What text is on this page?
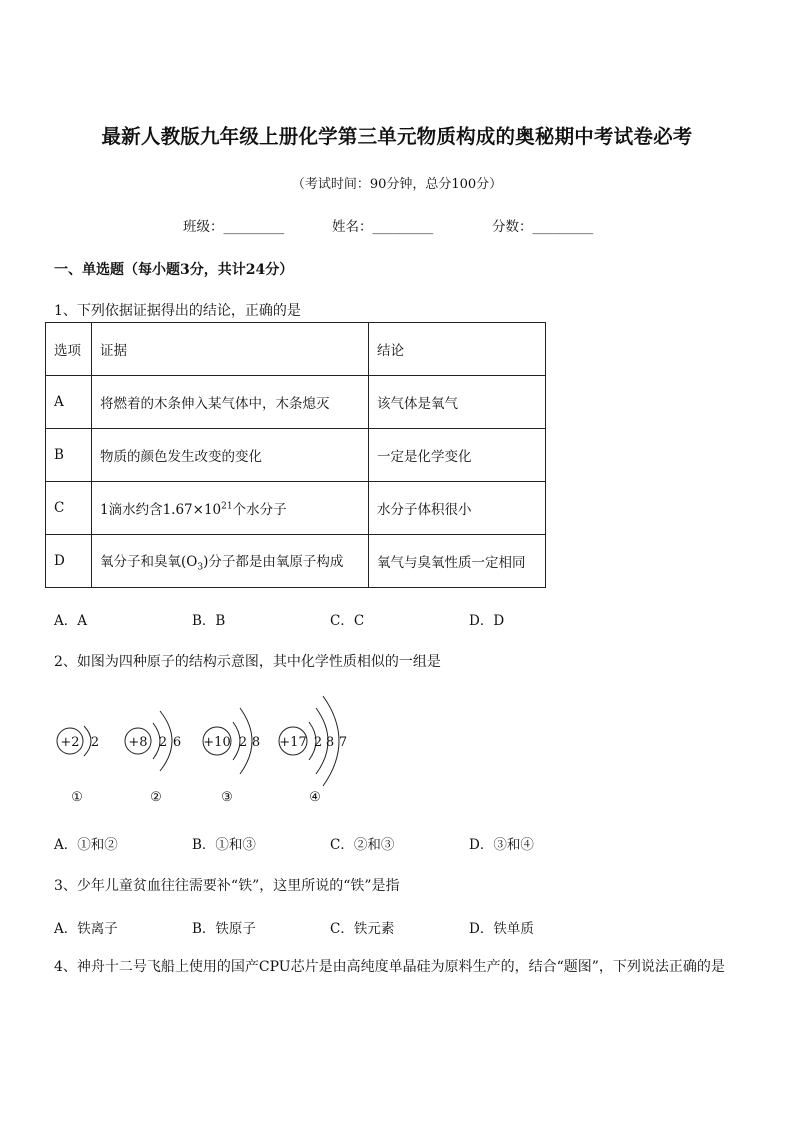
最新人教版九年级上册化学第三单元物质构成的奥秘期中考试卷必考
（考试时间：90分钟，总分100分）
班级：_________	姓名：_________	分数：_________
一、单选题（每小题3分，共计24分）
1、下列依据证据得出的结论，正确的是
选项	证据	结论
A	将燃着的木条伸入某气体中，木条熄灭	该气体是氧气
B	物质的颜色发生改变的变化	一定是化学变化
C	1滴水约含$1.67\times 10^{21}$个水分子	水分子体积很小
D	氧分子和臭氧$(O_3)$分子都是由氧原子构成	氧气与臭氧性质一定相同
A．A	B．B	C．C	D．D
2、如图为四种原子的结构示意图，其中化学性质相似的一组是
+2 2
①
+8 2 6
②
+10 2 8
③
+17 2 8 7
④
A．①和②	B．①和③	C．②和③	D．③和④
3、少年儿童贫血往往需要补“铁”，这里所说的“铁”是指
A．铁离子	B．铁原子	C．铁元素	D．铁单质
4、神舟十二号飞船上使用的国产CPU芯片是由高纯度单晶硅为原料生产的，结合“题图”，下列说法正确的是
